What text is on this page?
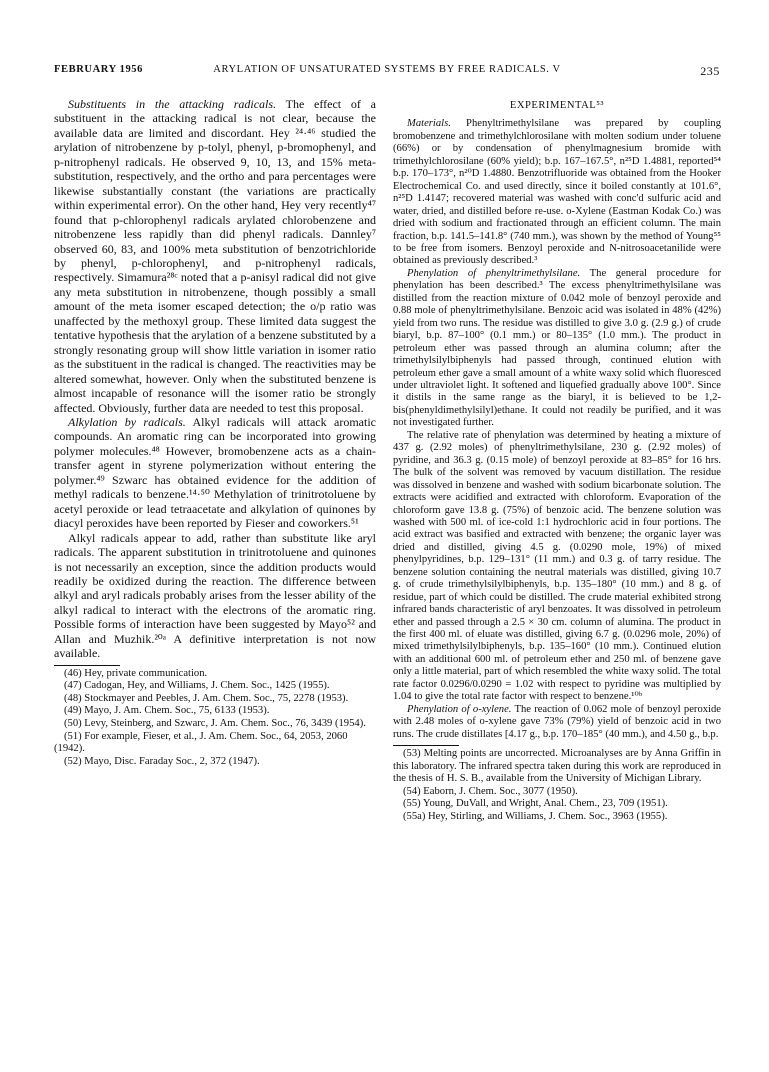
FEBRUARY 1956	ARYLATION OF UNSATURATED SYSTEMS BY FREE RADICALS. V	235

Substituents in the attacking radicals. The effect of a substituent in the attacking radical is not clear, because the available data are limited and discordant. Hey ²⁴·⁴⁶ studied the arylation of nitrobenzene by p-tolyl, phenyl, p-bromophenyl, and p-nitrophenyl radicals. He observed 9, 10, 13, and 15% meta-substitution, respectively, and the ortho and para percentages were likewise substantially constant (the variations are practically within experimental error). On the other hand, Hey very recently⁴⁷ found that p-chlorophenyl radicals arylated chlorobenzene and nitrobenzene less rapidly than did phenyl radicals. Dannley⁷ observed 60, 83, and 100% meta substitution of benzotrichloride by phenyl, p-chlorophenyl, and p-nitrophenyl radicals, respectively. Simamura²⁸ᶜ noted that a p-anisyl radical did not give any meta substitution in nitrobenzene, though possibly a small amount of the meta isomer escaped detection; the o/p ratio was unaffected by the methoxyl group. These limited data suggest the tentative hypothesis that the arylation of a benzene substituted by a strongly resonating group will show little variation in isomer ratio as the substituent in the radical is changed. The reactivities may be altered somewhat, however. Only when the substituted benzene is almost incapable of resonance will the isomer ratio be strongly affected. Obviously, further data are needed to test this proposal.

Alkylation by radicals. Alkyl radicals will attack aromatic compounds. An aromatic ring can be incorporated into growing polymer molecules.⁴⁸ However, bromobenzene acts as a chain-transfer agent in styrene polymerization without entering the polymer.⁴⁹ Szwarc has obtained evidence for the addition of methyl radicals to benzene.¹⁴·⁵⁰ Methylation of trinitrotoluene by acetyl peroxide or lead tetraacetate and alkylation of quinones by diacyl peroxides have been reported by Fieser and coworkers.⁵¹

Alkyl radicals appear to add, rather than substitute like aryl radicals. The apparent substitution in trinitrotoluene and quinones is not necessarily an exception, since the addition products would readily be oxidized during the reaction. The difference between alkyl and aryl radicals probably arises from the lesser ability of the alkyl radical to interact with the electrons of the aromatic ring. Possible forms of interaction have been suggested by Mayo⁵² and Allan and Muzhik.²⁰ᵃ A definitive interpretation is not now available.

(46) Hey, private communication.
(47) Cadogan, Hey, and Williams, J. Chem. Soc., 1425 (1955).
(48) Stockmayer and Peebles, J. Am. Chem. Soc., 75, 2278 (1953).
(49) Mayo, J. Am. Chem. Soc., 75, 6133 (1953).
(50) Levy, Steinberg, and Szwarc, J. Am. Chem. Soc., 76, 3439 (1954).
(51) For example, Fieser, et al., J. Am. Chem. Soc., 64, 2053, 2060 (1942).
(52) Mayo, Disc. Faraday Soc., 2, 372 (1947).
EXPERIMENTAL⁵³

Materials. Phenyltrimethylsilane was prepared by coupling bromobenzene and trimethylchlorosilane with molten sodium under toluene (66%) or by condensation of phenylmagnesium bromide with trimethylchlorosilane (60% yield); b.p. 167–167.5°, n²⁵D 1.4881, reported⁵⁴ b.p. 170–173°, n²⁰D 1.4880. Benzotrifluoride was obtained from the Hooker Electrochemical Co. and used directly, since it boiled constantly at 101.6°, n²⁵D 1.4147; recovered material was washed with conc'd sulfuric acid and water, dried, and distilled before re-use. o-Xylene (Eastman Kodak Co.) was dried with sodium and fractionated through an efficient column. The main fraction, b.p. 141.5–141.8° (740 mm.), was shown by the method of Young⁵⁵ to be free from isomers. Benzoyl peroxide and N-nitrosoacetanilide were obtained as previously described.³

Phenylation of phenyltrimethylsilane. The general procedure for phenylation has been described.³ The excess phenyltrimethylsilane was distilled from the reaction mixture of 0.042 mole of benzoyl peroxide and 0.88 mole of phenyltrimethylsilane. Benzoic acid was isolated in 48% (42%) yield from two runs. The residue was distilled to give 3.0 g. (2.9 g.) of crude biaryl, b.p. 87–100° (0.1 mm.) or 80–135° (1.0 mm.). The product in petroleum ether was passed through an alumina column; after the trimethylsilylbiphenyls had passed through, continued elution with petroleum ether gave a small amount of a white waxy solid which fluoresced under ultraviolet light. It softened and liquefied gradually above 100°. Since it distils in the same range as the biaryl, it is believed to be 1,2-bis(phenyldimethylsilyl)ethane. It could not readily be purified, and it was not investigated further.

The relative rate of phenylation was determined by heating a mixture of 437 g. (2.92 moles) of phenyltrimethylsilane, 230 g. (2.92 moles) of pyridine, and 36.3 g. (0.15 mole) of benzoyl peroxide at 83–85° for 16 hrs. The bulk of the solvent was removed by vacuum distillation. The residue was dissolved in benzene and washed with sodium bicarbonate solution. The extracts were acidified and extracted with chloroform. Evaporation of the chloroform gave 13.8 g. (75%) of benzoic acid. The benzene solution was washed with 500 ml. of ice-cold 1:1 hydrochloric acid in four portions. The acid extract was basified and extracted with benzene; the organic layer was dried and distilled, giving 4.5 g. (0.0290 mole, 19%) of mixed phenylpyridines, b.p. 129–131° (11 mm.) and 0.3 g. of tarry residue. The benzene solution containing the neutral materials was distilled, giving 10.7 g. of crude trimethylsilylbiphenyls, b.p. 135–180° (10 mm.) and 8 g. of residue, part of which could be distilled. The crude material exhibited strong infrared bands characteristic of aryl benzoates. It was dissolved in petroleum ether and passed through a 2.5 × 30 cm. column of alumina. The product in the first 400 ml. of eluate was distilled, giving 6.7 g. (0.0296 mole, 20%) of mixed trimethylsilylbiphenyls, b.p. 135–160° (10 mm.). Continued elution with an additional 600 ml. of petroleum ether and 250 ml. of benzene gave only a little material, part of which resembled the white waxy solid. The total rate factor 0.0296/0.0290 = 1.02 with respect to pyridine was multiplied by 1.04 to give the total rate factor with respect to benzene.¹⁰ᵇ

Phenylation of o-xylene. The reaction of 0.062 mole of benzoyl peroxide with 2.48 moles of o-xylene gave 73% (79%) yield of benzoic acid in two runs. The crude distillates [4.17 g., b.p. 170–185° (40 mm.), and 4.50 g., b.p.

(53) Melting points are uncorrected. Microanalyses are by Anna Griffin in this laboratory. The infrared spectra taken during this work are reproduced in the thesis of H. S. B., available from the University of Michigan Library.
(54) Eaborn, J. Chem. Soc., 3077 (1950).
(55) Young, DuVall, and Wright, Anal. Chem., 23, 709 (1951).
(55a) Hey, Stirling, and Williams, J. Chem. Soc., 3963 (1955).
